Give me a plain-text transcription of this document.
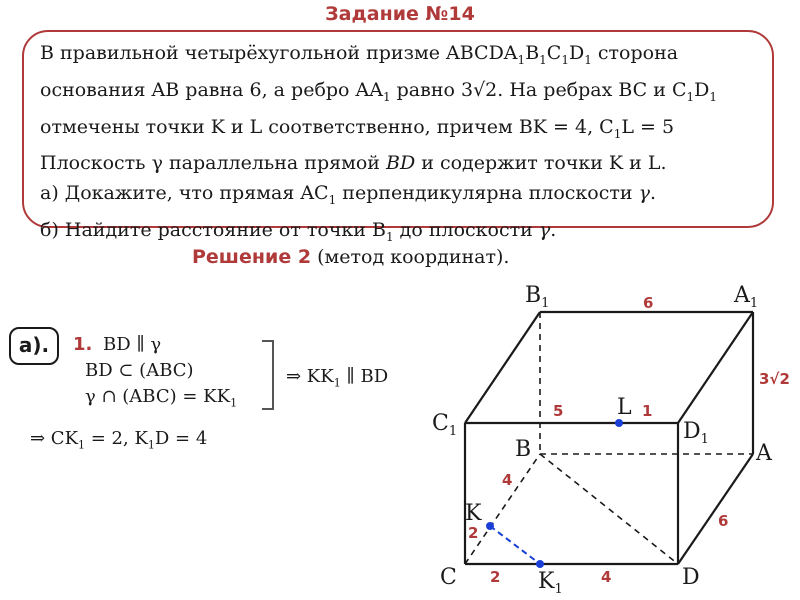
Задание №14
В правильной четырёхугольной призме $ABCDA_1B_1C_1D_1$ сторона
основания AB равна 6, а ребро $AA_1$ равно 3√2. На ребрах BC и $C_1D_1$
отмечены точки K и L соответственно, причем BK = 4, $C_1L = 5$
Плоскость γ параллельна прямой BD и содержит точки K и L.
а) Докажите, что прямая $AC_1$ перпендикулярна плоскости γ.
б) Найдите расстояние от точки $B_1$ до плоскости γ.
Решение 2 (метод координат).
а).	1. BD ∥ γ
BD ⊂ (ABC)
γ ∩ $(ABC) = KK_1$
⇒ $KK_1$ ∥ BD
⇒ $CK_1 = 2$, $K_1D = 4$
$B_1$	$A_1$
$C_1$	$D_1$
B	A
C	D
L
K
$K_1$
6
3√2
5	1
4
2
2	4
6
